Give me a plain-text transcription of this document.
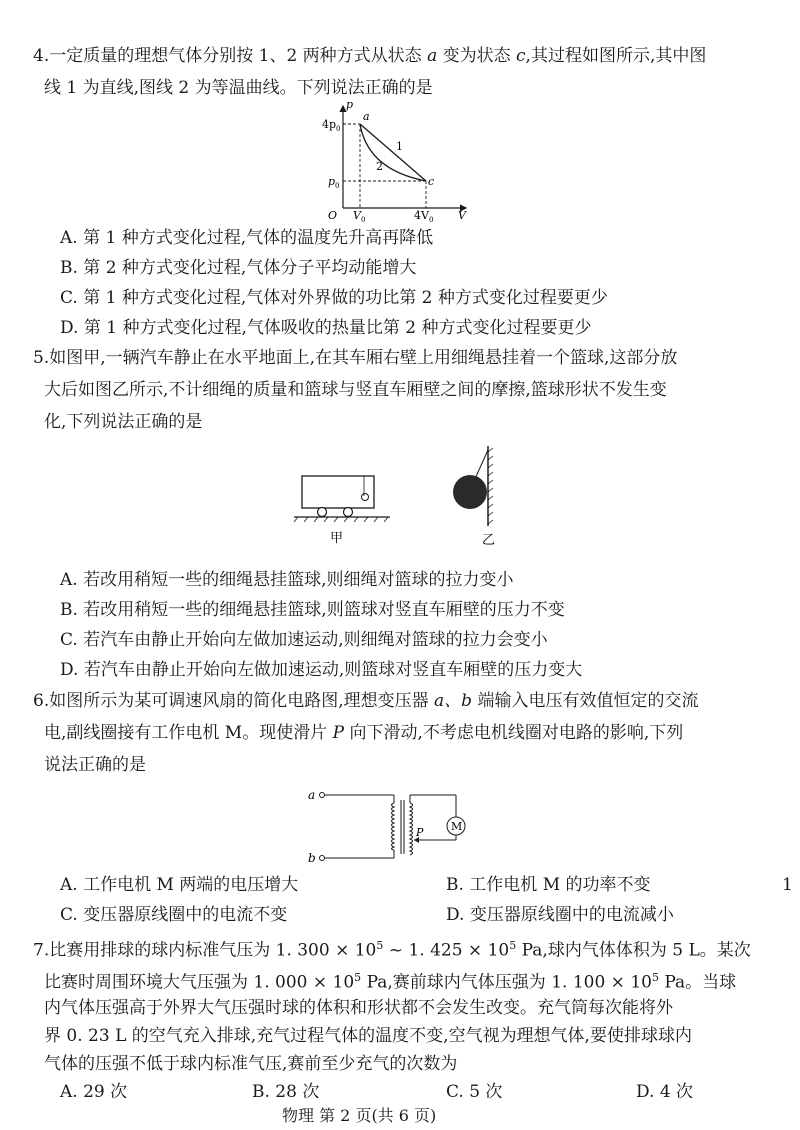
4.一定质量的理想气体分别按 1、2 两种方式从状态 a 变为状态 c,其过程如图所示,其中图
线 1 为直线,图线 2 为等温曲线。下列说法正确的是
p
V
O
$4p_0$
$p_0$
$V_0$	$4V_0$
a
c
1
2
A. 第 1 种方式变化过程,气体的温度先升高再降低
B. 第 2 种方式变化过程,气体分子平均动能增大
C. 第 1 种方式变化过程,气体对外界做的功比第 2 种方式变化过程要更少
D. 第 1 种方式变化过程,气体吸收的热量比第 2 种方式变化过程要更少
5.如图甲,一辆汽车静止在水平地面上,在其车厢右壁上用细绳悬挂着一个篮球,这部分放
大后如图乙所示,不计细绳的质量和篮球与竖直车厢壁之间的摩擦,篮球形状不发生变
化,下列说法正确的是
甲	乙
A. 若改用稍短一些的细绳悬挂篮球,则细绳对篮球的拉力变小
B. 若改用稍短一些的细绳悬挂篮球,则篮球对竖直车厢壁的压力不变
C. 若汽车由静止开始向左做加速运动,则细绳对篮球的拉力会变小
D. 若汽车由静止开始向左做加速运动,则篮球对竖直车厢壁的压力变大
6.如图所示为某可调速风扇的简化电路图,理想变压器 a、b 端输入电压有效值恒定的交流
电,副线圈接有工作电机 M。现使滑片 P 向下滑动,不考虑电机线圈对电路的影响,下列
说法正确的是
a
b
M
P
A. 工作电机 M 两端的电压增大	B. 工作电机 M 的功率不变
C. 变压器原线圈中的电流不变	D. 变压器原线圈中的电流减小
1
7.比赛用排球的球内标准气压为 1. $300 \times 10^5$ ~ 1. $425 \times 10^5$ Pa,球内气体体积为 5 L。某次
比赛时周围环境大气压强为 1. $000 \times 10^5$ Pa,赛前球内气体压强为 1. $100 \times 10^5$ Pa。当球
内气体压强高于外界大气压强时球的体积和形状都不会发生改变。充气筒每次能将外
界 0. 23 L 的空气充入排球,充气过程气体的温度不变,空气视为理想气体,要使排球球内
气体的压强不低于球内标准气压,赛前至少充气的次数为
A. 29 次	B. 28 次	C. 5 次	D. 4 次
物理 第 2 页(共 6 页)
